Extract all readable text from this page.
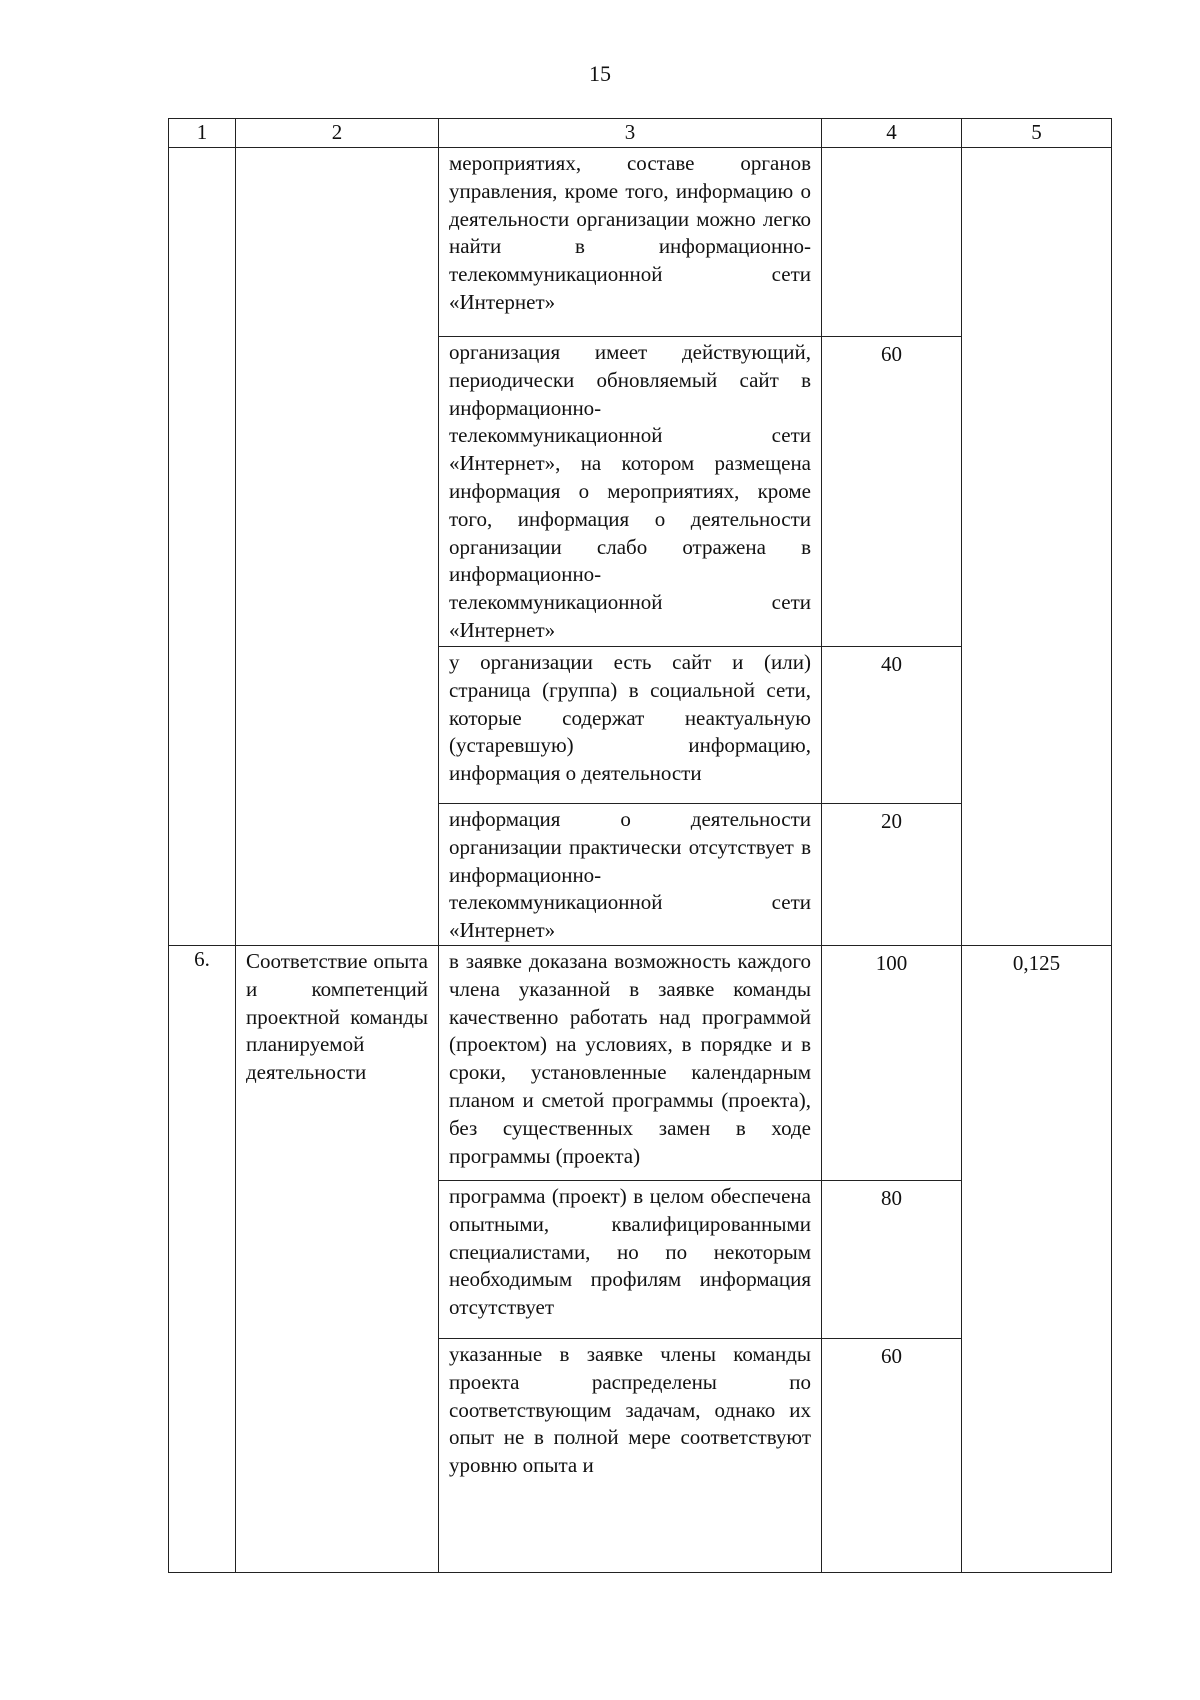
15
1	2	3	4	5
		мероприятиях, составе органов управления, кроме того, информацию о деятельности организации можно легко найти в информационно-телекоммуникационной сети «Интернет»		
		организация имеет действующий, периодически обновляемый сайт в информационно-телекоммуникационной сети «Интернет», на котором размещена информация о мероприятиях, кроме того, информация о деятельности организации слабо отражена в информационно-телекоммуникационной сети «Интернет»	60	
		у организации есть сайт и (или) страница (группа) в социальной сети, которые содержат неактуальную (устаревшую) информацию, информация о деятельности	40	
		информация о деятельности организации практически отсутствует в информационно-телекоммуникационной сети «Интернет»	20	
6.	Соответствие опыта и компетенций проектной команды планируемой деятельности	в заявке доказана возможность каждого члена указанной в заявке команды качественно работать над программой (проектом) на условиях, в порядке и в сроки, установленные календарным планом и сметой программы (проекта), без существенных замен в ходе программы (проекта)	100	0,125
		программа (проект) в целом обеспечена опытными, квалифицированными специалистами, но по некоторым необходимым профилям информация отсутствует	80	
		указанные в заявке члены команды проекта распределены по соответствующим задачам, однако их опыт не в полной мере соответствуют уровню опыта и	60	
